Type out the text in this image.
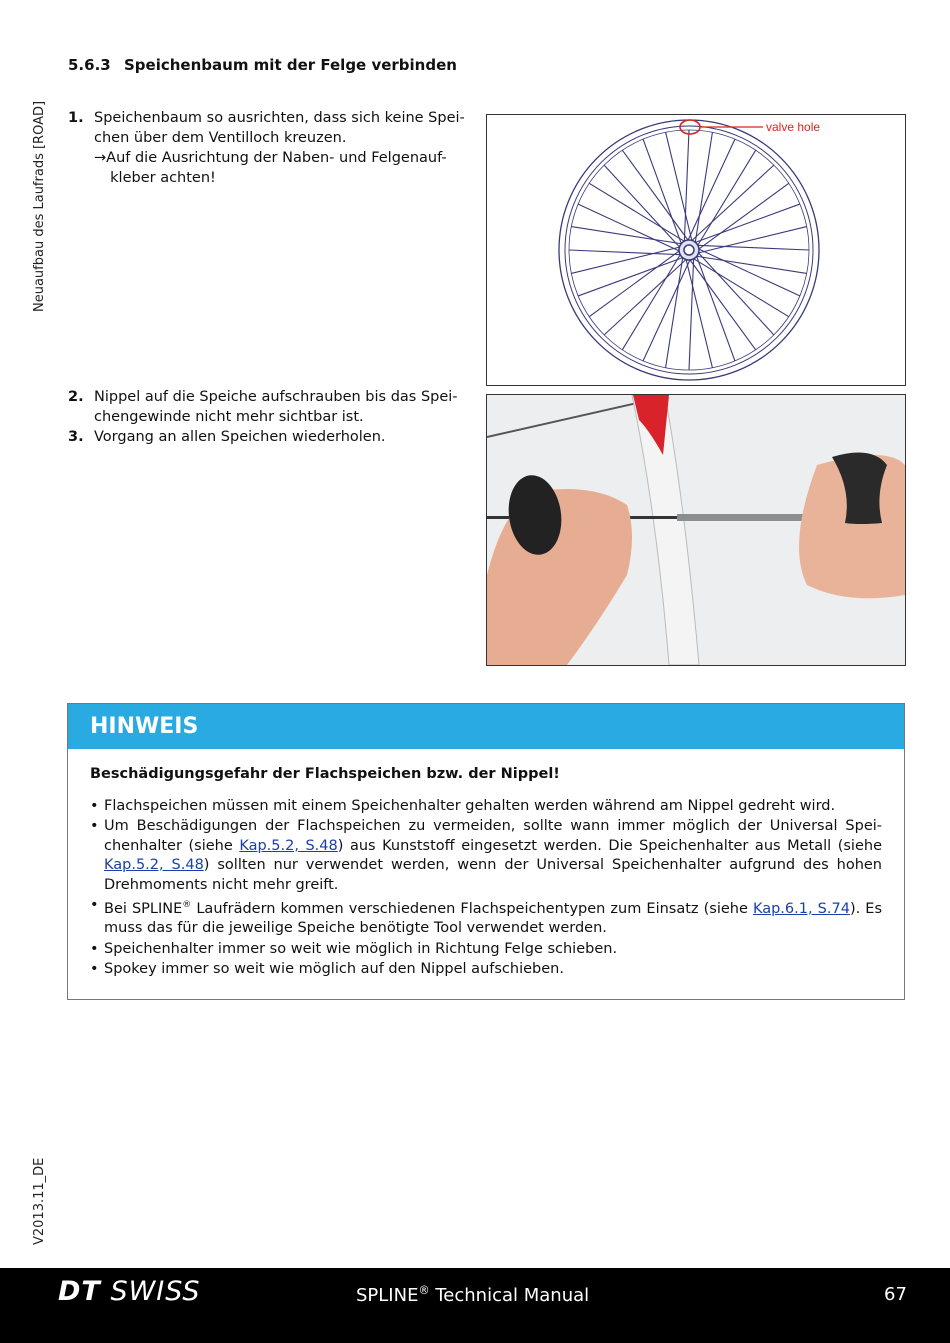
Neuaufbau des Laufrads [ROAD]
V2013.11_DE
5.6.3 Speichenbaum mit der Felge verbinden
1. Speichenbaum so ausrichten, dass sich keine Spei-
chen über dem Ventilloch kreuzen.
→ Auf die Ausrichtung der Naben- und Felgenauf-
kleber achten!
valve hole
2. Nippel auf die Speiche aufschrauben bis das Spei-
chengewinde nicht mehr sichtbar ist.
3. Vorgang an allen Speichen wiederholen.
HINWEIS
Beschädigungsgefahr der Flachspeichen bzw. der Nippel!
• Flachspeichen müssen mit einem Speichenhalter gehalten werden während am Nippel gedreht wird.
• Um Beschädigungen der Flachspeichen zu vermeiden, sollte wann immer möglich der Universal Spei-chenhalter (siehe Kap.5.2, S.48) aus Kunststoff eingesetzt werden. Die Speichenhalter aus Metall (siehe Kap.5.2, S.48) sollten nur verwendet werden, wenn der Universal Speichenhalter aufgrund des hohen Drehmoments nicht mehr greift.
• Bei SPLINE® Laufrädern kommen verschiedenen Flachspeichentypen zum Einsatz (siehe Kap.6.1, S.74). Es muss das für die jeweilige Speiche benötigte Tool verwendet werden.
• Speichenhalter immer so weit wie möglich in Richtung Felge schieben.
• Spokey immer so weit wie möglich auf den Nippel aufschieben.
DT SWISS	SPLINE® Technical Manual	67
